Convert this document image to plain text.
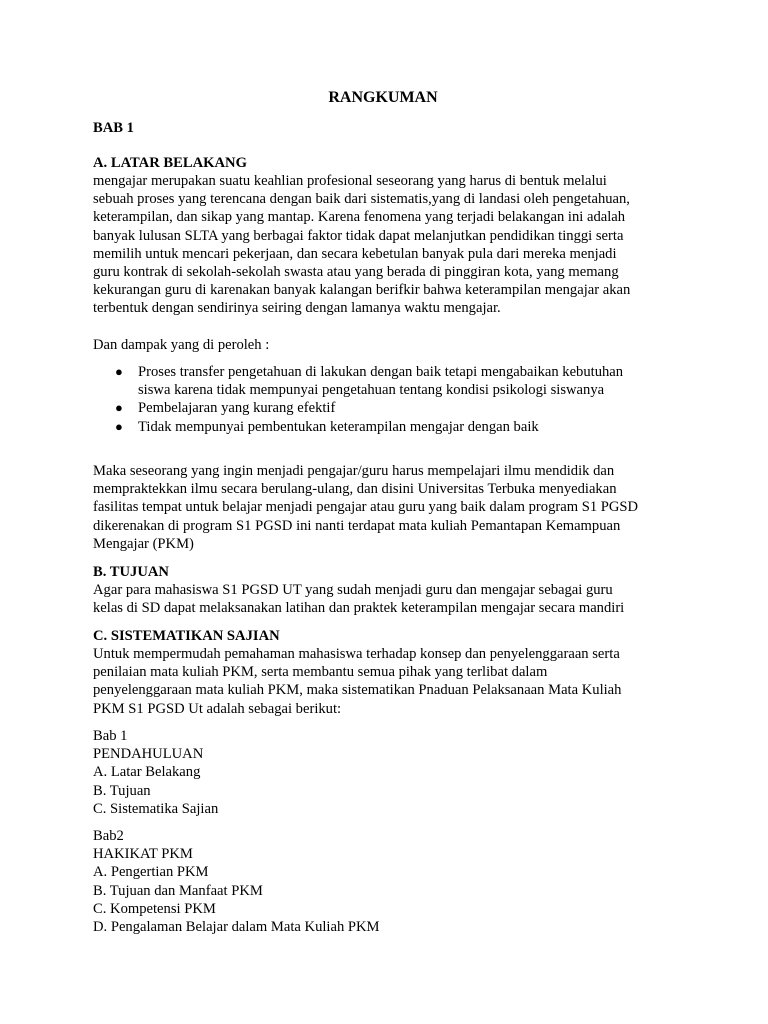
RANGKUMAN
BAB 1
A. LATAR BELAKANG
mengajar merupakan suatu keahlian profesional seseorang yang harus di bentuk melalui
sebuah proses yang terencana dengan baik dari sistematis,yang di landasi oleh pengetahuan,
keterampilan, dan sikap yang mantap. Karena fenomena yang terjadi belakangan ini adalah
banyak lulusan SLTA yang berbagai faktor tidak dapat melanjutkan pendidikan tinggi serta
memilih untuk mencari pekerjaan, dan secara kebetulan banyak pula dari mereka menjadi
guru kontrak di sekolah-sekolah swasta atau yang berada di pinggiran kota, yang memang
kekurangan guru di karenakan banyak kalangan berifkir bahwa keterampilan mengajar akan
terbentuk dengan sendirinya seiring dengan lamanya waktu mengajar.
Dan dampak yang di peroleh :
● Proses transfer pengetahuan di lakukan dengan baik tetapi mengabaikan kebutuhan
siswa karena tidak mempunyai pengetahuan tentang kondisi psikologi siswanya
● Pembelajaran yang kurang efektif
● Tidak mempunyai pembentukan keterampilan mengajar dengan baik
Maka seseorang yang ingin menjadi pengajar/guru harus mempelajari ilmu mendidik dan
mempraktekkan ilmu secara berulang-ulang, dan disini Universitas Terbuka menyediakan
fasilitas tempat untuk belajar menjadi pengajar atau guru yang baik dalam program S1 PGSD
dikerenakan di program S1 PGSD ini nanti terdapat mata kuliah Pemantapan Kemampuan
Mengajar (PKM)
B. TUJUAN
Agar para mahasiswa S1 PGSD UT yang sudah menjadi guru dan mengajar sebagai guru
kelas di SD dapat melaksanakan latihan dan praktek keterampilan mengajar secara mandiri
C. SISTEMATIKAN SAJIAN
Untuk mempermudah pemahaman mahasiswa terhadap konsep dan penyelenggaraan serta
penilaian mata kuliah PKM, serta membantu semua pihak yang terlibat dalam
penyelenggaraan mata kuliah PKM, maka sistematikan Pnaduan Pelaksanaan Mata Kuliah
PKM S1 PGSD Ut adalah sebagai berikut:
Bab 1
PENDAHULUAN
A. Latar Belakang
B. Tujuan
C. Sistematika Sajian
Bab2
HAKIKAT PKM
A. Pengertian PKM
B. Tujuan dan Manfaat PKM
C. Kompetensi PKM
D. Pengalaman Belajar dalam Mata Kuliah PKM
